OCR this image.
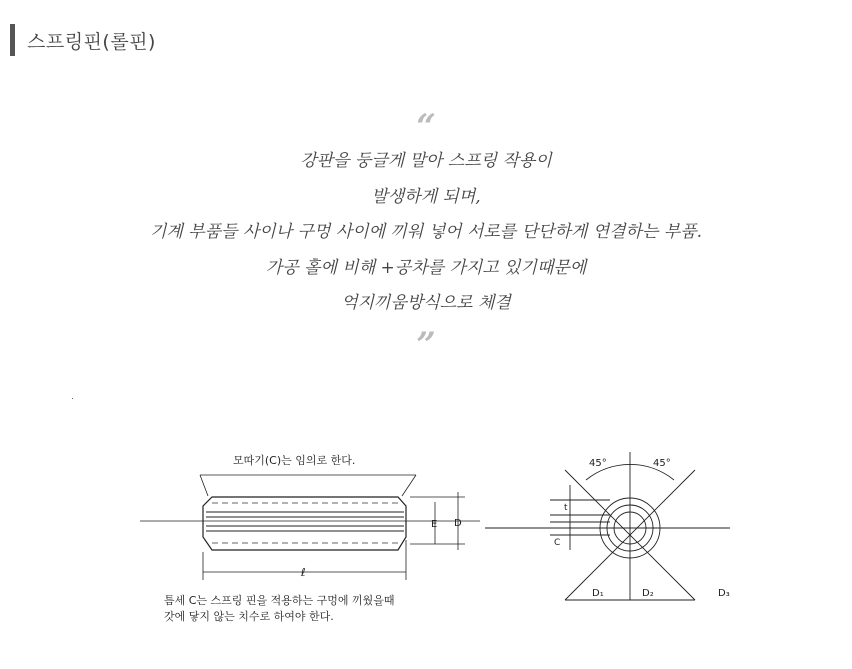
스프링핀(롤핀)
“
강판을 둥글게 말아 스프링 작용이
발생하게 되며,
기계 부품들 사이나 구멍 사이에 끼워 넣어 서로를 단단하게 연결하는 부품.
가공 홀에 비해 +공차를 가지고 있기때문에
억지끼움방식으로 체결
”
모따기(C)는 임의로 한다.
E D
ℓ
틈세 C는 스프링 핀을 적용하는 구멍에 끼웠을때
갓에 닿지 않는 치수로 하여야 한다.
45°	45°
t
C
D₁	D₂	D₃
